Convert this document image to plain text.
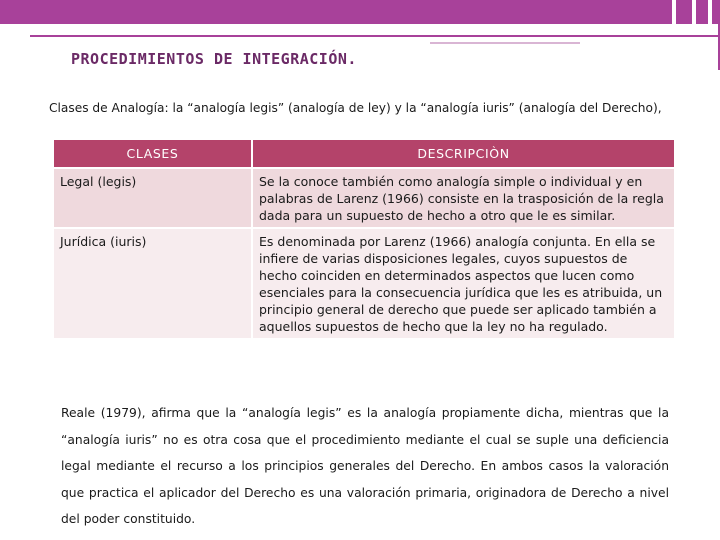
PROCEDIMIENTOS DE INTEGRACIÓN.
Clases de Analogía: la “analogía legis” (analogía de ley) y la “analogía iuris” (analogía del Derecho),
CLASES	DESCRIPCIÒN
Legal (legis)	Se la conoce también como analogía simple o individual y en palabras de Larenz (1966) consiste en la trasposición de la regla dada para un supuesto de hecho a otro que le es similar.
Jurídica (iuris)	Es denominada por Larenz (1966) analogía conjunta. En ella se infiere de varias disposiciones legales, cuyos supuestos de hecho coinciden en determinados aspectos que lucen como esenciales para la consecuencia jurídica que les es atribuida, un principio general de derecho que puede ser aplicado también a aquellos supuestos de hecho que la ley no ha regulado.
Reale (1979), afirma que la “analogía legis” es la analogía propiamente dicha, mientras que la “analogía iuris” no es otra cosa que el procedimiento mediante el cual se suple una deficiencia legal mediante el recurso a los principios generales del Derecho. En ambos casos la valoración que practica el aplicador del Derecho es una valoración primaria, originadora de Derecho a nivel del poder constituido.
